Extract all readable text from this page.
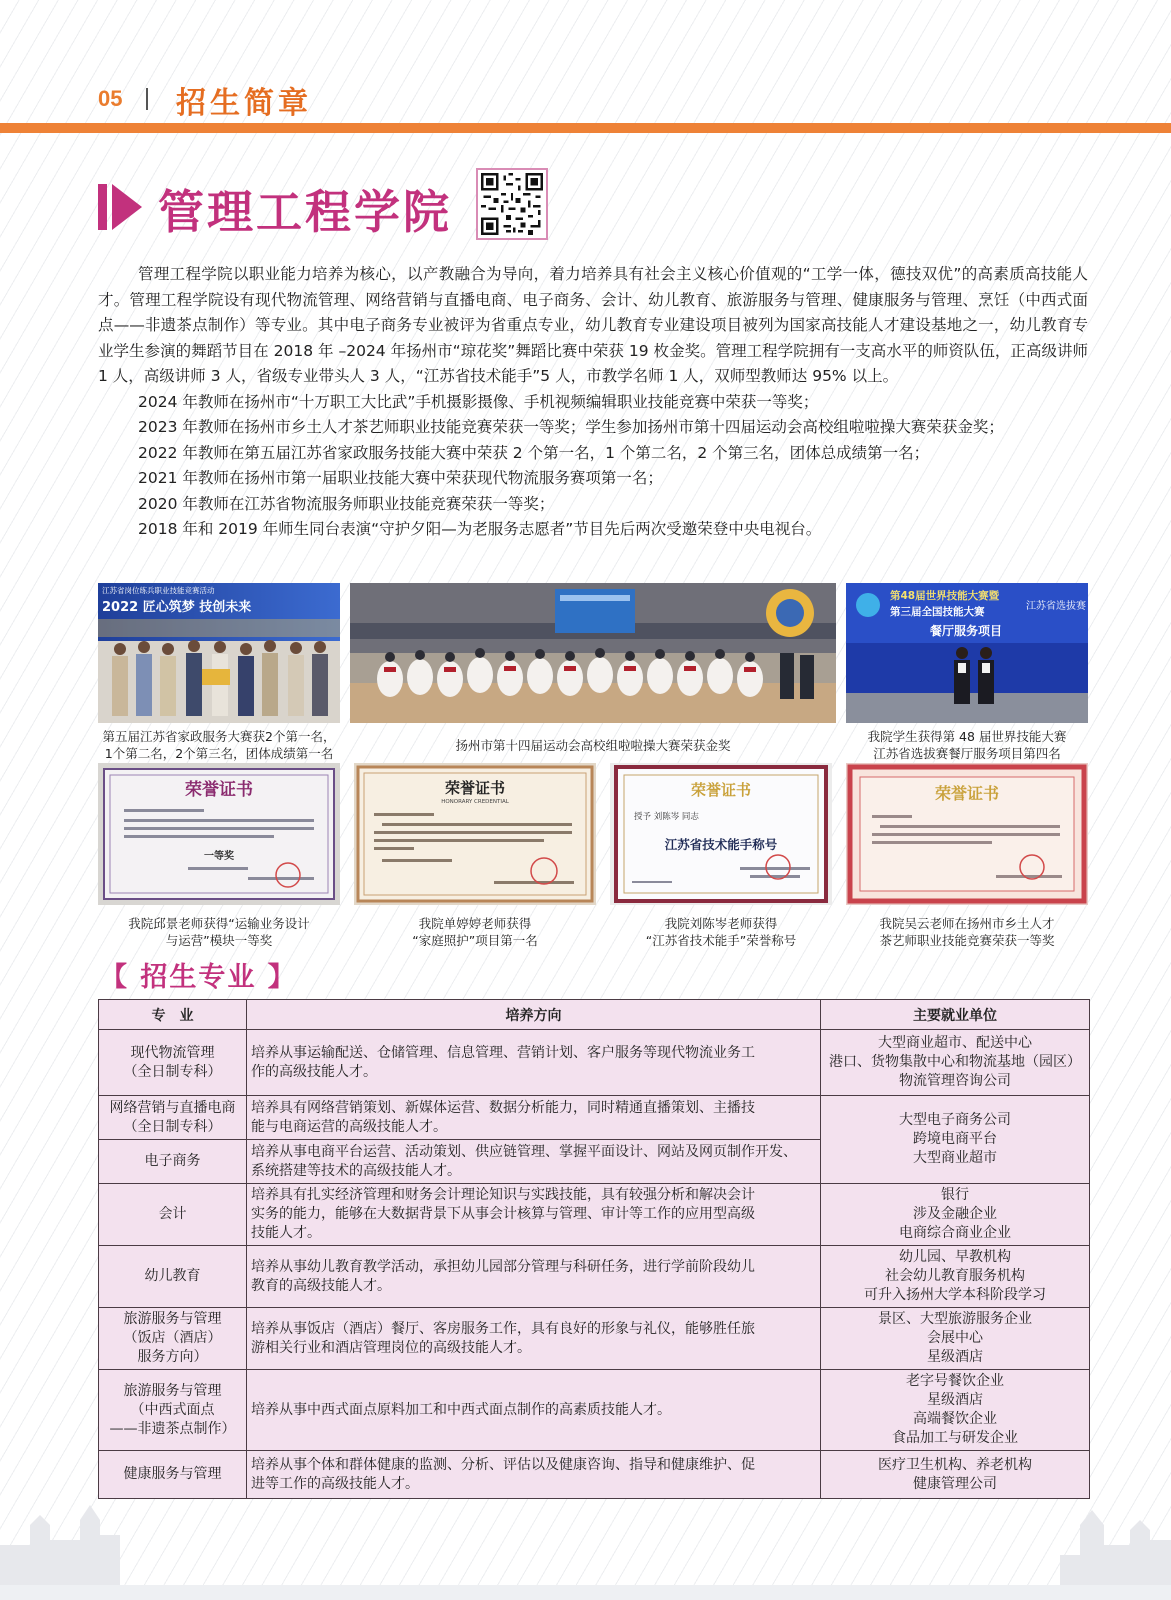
05 招生简章
管理工程学院

管理工程学院以职业能力培养为核心，以产教融合为导向，着力培养具有社会主义核心价值观的“工学一体，德技双优”的高素质高技能人才。管理工程学院设有现代物流管理、网络营销与直播电商、电子商务、会计、幼儿教育、旅游服务与管理、健康服务与管理、烹饪（中西式面点——非遗茶点制作）等专业。其中电子商务专业被评为省重点专业，幼儿教育专业建设项目被列为国家高技能人才建设基地之一，幼儿教育专业学生参演的舞蹈节目在 2018 年 –2024 年扬州市“琼花奖”舞蹈比赛中荣获 19 枚金奖。管理工程学院拥有一支高水平的师资队伍，正高级讲师 1 人，高级讲师 3 人，省级专业带头人 3 人，“江苏省技术能手”5 人，市教学名师 1 人，双师型教师达 95% 以上。

2024 年教师在扬州市“十万职工大比武”手机摄影摄像、手机视频编辑职业技能竞赛中荣获一等奖；

2023 年教师在扬州市乡土人才茶艺师职业技能竞赛荣获一等奖；学生参加扬州市第十四届运动会高校组啦啦操大赛荣获金奖；

2022 年教师在第五届江苏省家政服务技能大赛中荣获 2 个第一名，1 个第二名，2 个第三名，团体总成绩第一名；

2021 年教师在扬州市第一届职业技能大赛中荣获现代物流服务赛项第一名；

2020 年教师在江苏省物流服务师职业技能竞赛荣获一等奖；

2018 年和 2019 年师生同台表演“守护夕阳—为老服务志愿者”节目先后两次受邀荣登中央电视台。

江苏省岗位练兵职业技能竞赛活动
2022 匠心筑梦 技创未来
第五届江苏省家政服务大赛获2个第一名，
1个第二名，2个第三名，团体成绩第一名
扬州市第十四届运动会高校组啦啦操大赛荣获金奖
第48届世界技能大赛暨
第三届全国技能大赛	江苏省选拔赛
餐厅服务项目
我院学生获得第 48 届世界技能大赛
江苏省选拔赛餐厅服务项目第四名
荣誉证书
一等奖
我院邱景老师获得“运输业务设计
与运营”模块一等奖
荣誉证书
HONORARY CREDENTIAL
我院单婷婷老师获得
“家庭照护”项目第一名
荣誉证书
授予 刘陈岑 同志
江苏省技术能手称号
我院刘陈岑老师获得
“江苏省技术能手”荣誉称号
荣誉证书
我院吴云老师在扬州市乡土人才
茶艺师职业技能竞赛荣获一等奖
【 招生专业 】
专　业	培养方向	主要就业单位

现代物流管理
（全日制专科）	培养从事运输配送、仓储管理、信息管理、营销计划、客户服务等现代物流业务工
作的高级技能人才。	大型商业超市、配送中心
港口、货物集散中心和物流基地（园区）
物流管理咨询公司

网络营销与直播电商
（全日制专科）	培养具有网络营销策划、新媒体运营、数据分析能力，同时精通直播策划、主播技
能与电商运营的高级技能人才。	大型电子商务公司
跨境电商平台
大型商业超市

电子商务	培养从事电商平台运营、活动策划、供应链管理、掌握平面设计、网站及网页制作开发、
系统搭建等技术的高级技能人才。	

会计	培养具有扎实经济管理和财务会计理论知识与实践技能，具有较强分析和解决会计
实务的能力，能够在大数据背景下从事会计核算与管理、审计等工作的应用型高级
技能人才。	银行
涉及金融企业
电商综合商业企业

幼儿教育	培养从事幼儿教育教学活动，承担幼儿园部分管理与科研任务，进行学前阶段幼儿
教育的高级技能人才。	幼儿园、早教机构
社会幼儿教育服务机构
可升入扬州大学本科阶段学习

旅游服务与管理
（饭店（酒店）
服务方向）	培养从事饭店（酒店）餐厅、客房服务工作，具有良好的形象与礼仪，能够胜任旅
游相关行业和酒店管理岗位的高级技能人才。	景区、大型旅游服务企业
会展中心
星级酒店

旅游服务与管理
（中西式面点
——非遗茶点制作）	培养从事中西式面点原料加工和中西式面点制作的高素质技能人才。	老字号餐饮企业
星级酒店
高端餐饮企业
食品加工与研发企业

健康服务与管理	培养从事个体和群体健康的监测、分析、评估以及健康咨询、指导和健康维护、促
进等工作的高级技能人才。	医疗卫生机构、养老机构
健康管理公司
